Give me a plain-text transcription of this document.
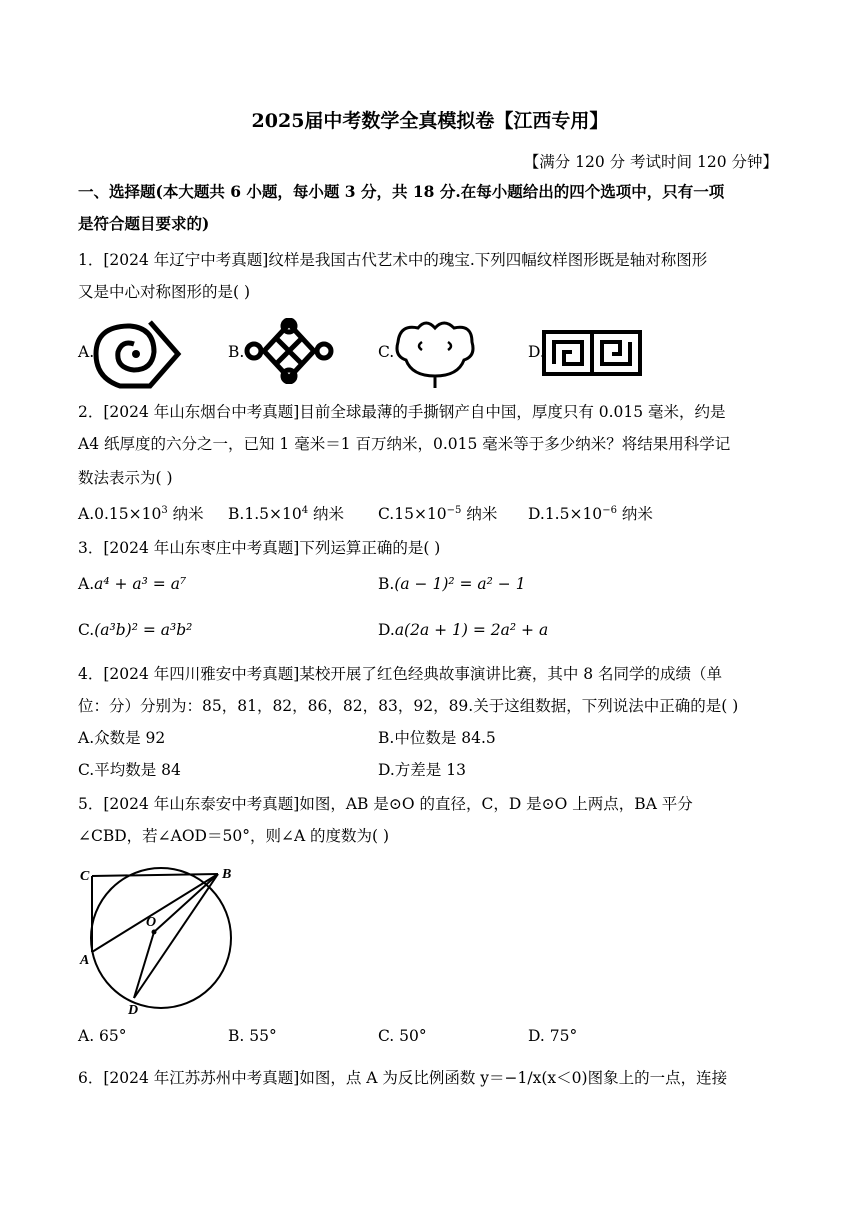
2025届中考数学全真模拟卷【江西专用】
【满分 120 分 考试时间 120 分钟】
一、选择题(本大题共 6 小题，每小题 3 分，共 18 分.在每小题给出的四个选项中，只有一项
是符合题目要求的)
1．[2024 年辽宁中考真题]纹样是我国古代艺术中的瑰宝.下列四幅纹样图形既是轴对称图形
又是中心对称图形的是( )
A.	B.	C.	D.
2．[2024 年山东烟台中考真题]目前全球最薄的手撕钢产自中国，厚度只有 0.015 毫米，约是
A4 纸厚度的六分之一，已知 1 毫米＝1 百万纳米，0.015 毫米等于多少纳米？将结果用科学记
数法表示为( )
$A.0.15\times 10^3$ 纳米 $B.1.5\times 10^4$ 纳米 $C.15\times 10^{-5}$ 纳米 $D.1.5\times 10^{-6}$ 纳米
3．[2024 年山东枣庄中考真题]下列运算正确的是( )
A.a⁴ + a³ = a⁷	B.(a − 1)² = a² − 1
C.(a³b)² = a³b²	D.a(2a + 1) = 2a² + a
4．[2024 年四川雅安中考真题]某校开展了红色经典故事演讲比赛，其中 8 名同学的成绩（单
位：分）分别为：85，81，82，86，82，83，92，89.关于这组数据，下列说法中正确的是( )
A.众数是 92	B.中位数是 84.5
C.平均数是 84	D.方差是 13
5．[2024 年山东泰安中考真题]如图，AB 是⊙O 的直径，C，D 是⊙O 上两点，BA 平分
∠CBD，若∠AOD＝50°，则∠A 的度数为( )
C	B
O
A
D
A. 65°	B. 55°	C. 50°	D. 75°
6．[2024 年江苏苏州中考真题]如图，点 A 为反比例函数 y＝−1/x(x＜0)图象上的一点，连接
